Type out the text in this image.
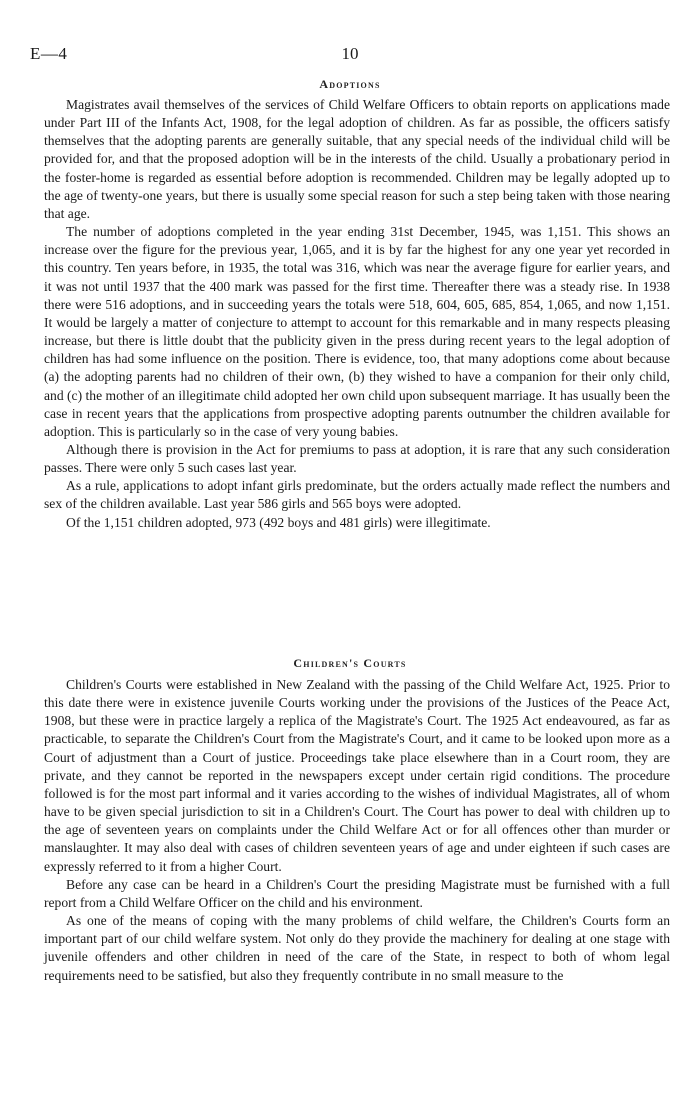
E—4	10
Adoptions

Magistrates avail themselves of the services of Child Welfare Officers to obtain reports on applications made under Part III of the Infants Act, 1908, for the legal adoption of children. As far as possible, the officers satisfy themselves that the adopting parents are generally suitable, that any special needs of the individual child will be provided for, and that the proposed adoption will be in the interests of the child. Usually a probationary period in the foster-home is regarded as essential before adoption is recommended. Children may be legally adopted up to the age of twenty-one years, but there is usually some special reason for such a step being taken with those nearing that age.

The number of adoptions completed in the year ending 31st December, 1945, was 1,151. This shows an increase over the figure for the previous year, 1,065, and it is by far the highest for any one year yet recorded in this country. Ten years before, in 1935, the total was 316, which was near the average figure for earlier years, and it was not until 1937 that the 400 mark was passed for the first time. Thereafter there was a steady rise. In 1938 there were 516 adoptions, and in succeeding years the totals were 518, 604, 605, 685, 854, 1,065, and now 1,151. It would be largely a matter of conjecture to attempt to account for this remarkable and in many respects pleasing increase, but there is little doubt that the publicity given in the press during recent years to the legal adoption of children has had some influence on the position. There is evidence, too, that many adoptions come about because (a) the adopting parents had no children of their own, (b) they wished to have a companion for their only child, and (c) the mother of an illegitimate child adopted her own child upon subsequent marriage. It has usually been the case in recent years that the applications from prospective adopting parents outnumber the children available for adoption. This is particularly so in the case of very young babies.

Although there is provision in the Act for premiums to pass at adoption, it is rare that any such consideration passes. There were only 5 such cases last year.

As a rule, applications to adopt infant girls predominate, but the orders actually made reflect the numbers and sex of the children available. Last year 586 girls and 565 boys were adopted.

Of the 1,151 children adopted, 973 (492 boys and 481 girls) were illegitimate.

Children's Courts

Children's Courts were established in New Zealand with the passing of the Child Welfare Act, 1925. Prior to this date there were in existence juvenile Courts working under the provisions of the Justices of the Peace Act, 1908, but these were in practice largely a replica of the Magistrate's Court. The 1925 Act endeavoured, as far as practicable, to separate the Children's Court from the Magistrate's Court, and it came to be looked upon more as a Court of adjustment than a Court of justice. Proceedings take place elsewhere than in a Court room, they are private, and they cannot be reported in the newspapers except under certain rigid conditions. The procedure followed is for the most part informal and it varies according to the wishes of individual Magistrates, all of whom have to be given special jurisdiction to sit in a Children's Court. The Court has power to deal with children up to the age of seventeen years on complaints under the Child Welfare Act or for all offences other than murder or manslaughter. It may also deal with cases of children seventeen years of age and under eighteen if such cases are expressly referred to it from a higher Court.

Before any case can be heard in a Children's Court the presiding Magistrate must be furnished with a full report from a Child Welfare Officer on the child and his environment.

As one of the means of coping with the many problems of child welfare, the Children's Courts form an important part of our child welfare system. Not only do they provide the machinery for dealing at one stage with juvenile offenders and other children in need of the care of the State, in respect to both of whom legal requirements need to be satisfied, but also they frequently contribute in no small measure to the
